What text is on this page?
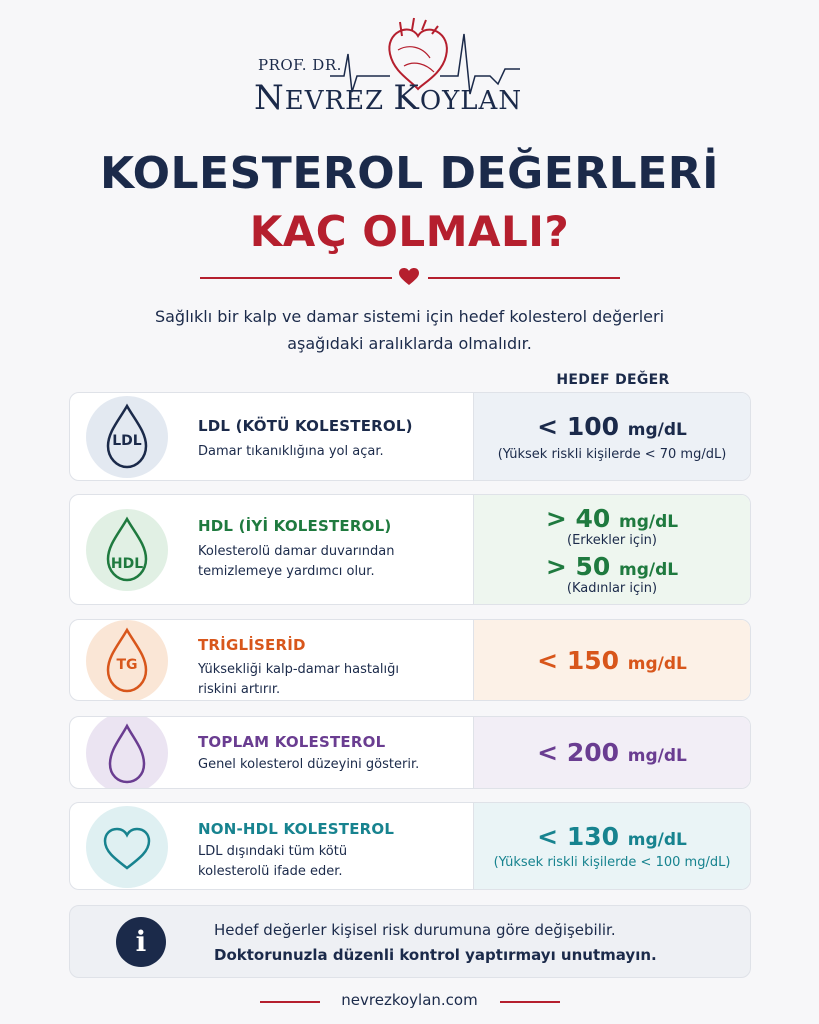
PROF. DR.
NEVREZ KOYLAN
KOLESTEROL DEĞERLERİ
KAÇ OLMALI?
Sağlıklı bir kalp ve damar sistemi için hedef kolesterol değerleri
aşağıdaki aralıklarda olmalıdır.
HEDEF DEĞER
LDL
LDL (KÖTÜ KOLESTEROL)
Damar tıkanıklığına yol açar.
< 100 mg/dL
(Yüksek riskli kişilerde < 70 mg/dL)
HDL
HDL (İYİ KOLESTEROL)
Kolesterolü damar duvarından
temizlemeye yardımcı olur.
> 40 mg/dL
(Erkekler için)
> 50 mg/dL
(Kadınlar için)
TG
TRİGLİSERİD
Yüksekliği kalp-damar hastalığı
riskini artırır.
< 150 mg/dL
TOPLAM KOLESTEROL
Genel kolesterol düzeyini gösterir.	< 200 mg/dL
NON-HDL KOLESTEROL
LDL dışındaki tüm kötü
kolesterolü ifade eder.
< 130 mg/dL
(Yüksek riskli kişilerde < 100 mg/dL)
i	Hedef değerler kişisel risk durumuna göre değişebilir.
Doktorunuzla düzenli kontrol yaptırmayı unutmayın.
nevrezkoylan.com
